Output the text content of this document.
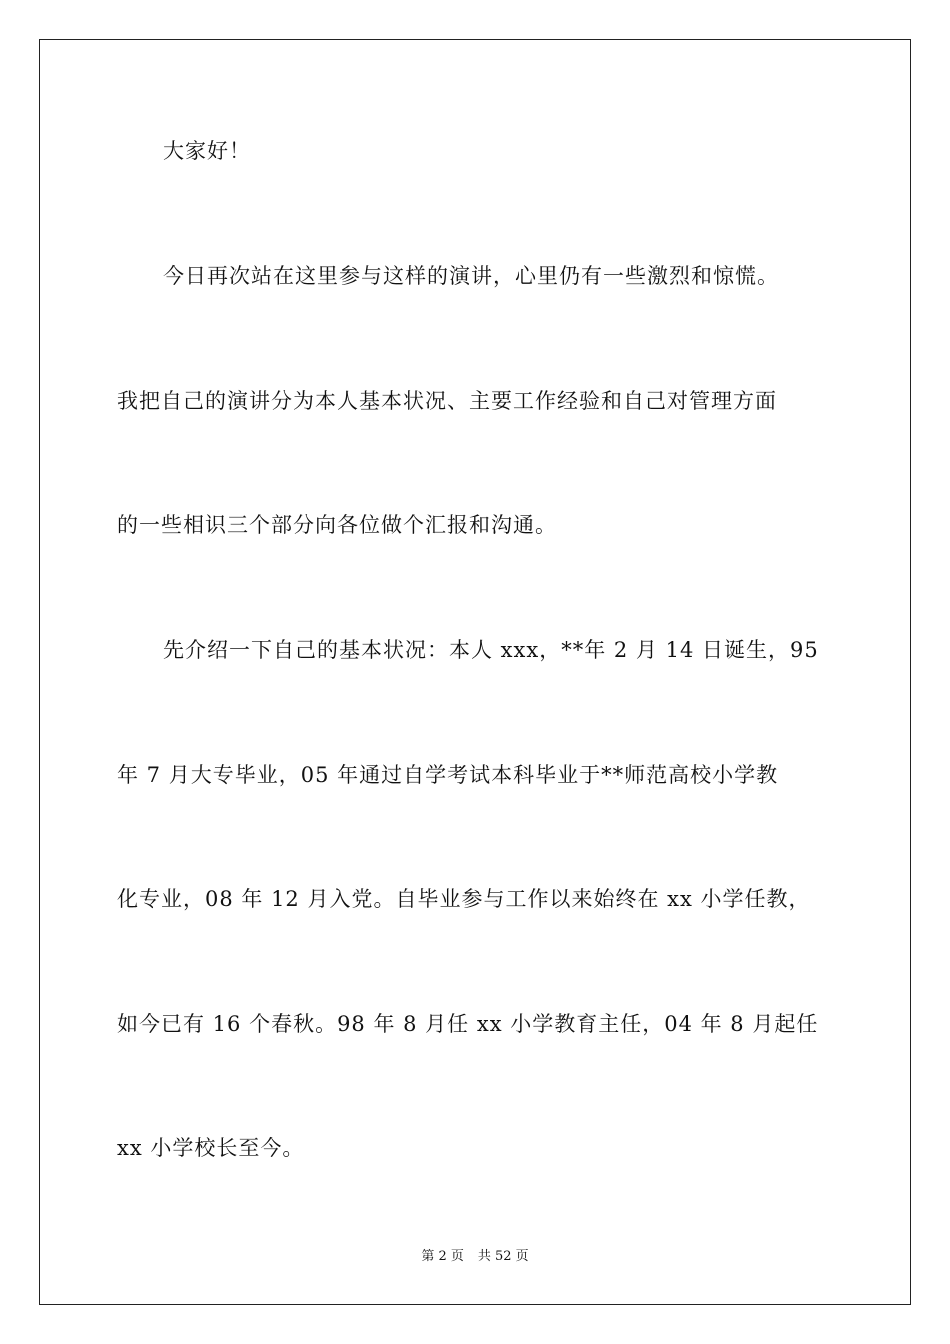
大家好！
今日再次站在这里参与这样的演讲，心里仍有一些激烈和惊慌。
我把自己的演讲分为本人基本状况、主要工作经验和自己对管理方面
的一些相识三个部分向各位做个汇报和沟通。
先介绍一下自己的基本状况：本人 xxx，**年 2 月 14 日诞生，95
年 7 月大专毕业，05 年通过自学考试本科毕业于**师范高校小学教
化专业，08 年 12 月入党。自毕业参与工作以来始终在 xx 小学任教，
如今已有 16 个春秋。98 年 8 月任 xx 小学教育主任，04 年 8 月起任
xx 小学校长至今。
第 2 页 共 52 页
